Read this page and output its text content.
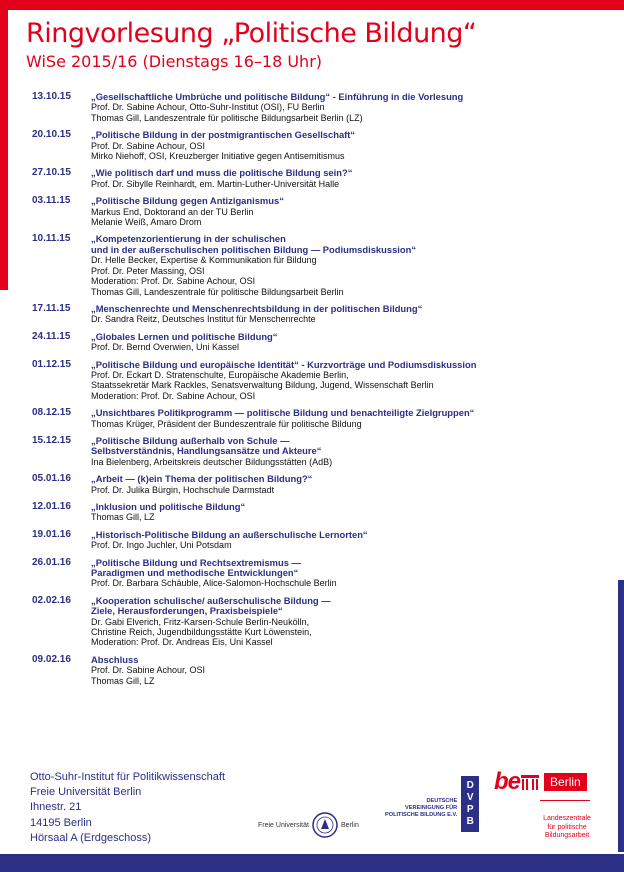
Ringvorlesung „Politische Bildung“
WiSe 2015/16 (Dienstags 16–18 Uhr)
13.10.15	„Gesellschaftliche Umbrüche und politische Bildung“ - Einführung in die Vorlesung
Prof. Dr. Sabine Achour, Otto-Suhr-Institut (OSI), FU Berlin
Thomas Gill, Landeszentrale für politische Bildungsarbeit Berlin (LZ)
20.10.15	„Politische Bildung in der postmigrantischen Gesellschaft“
Prof. Dr. Sabine Achour, OSI
Mirko Niehoff, OSI, Kreuzberger Initiative gegen Antisemitismus
27.10.15	„Wie politisch darf und muss die politische Bildung sein?“
Prof. Dr. Sibylle Reinhardt, em. Martin-Luther-Universität Halle
03.11.15	„Politische Bildung gegen Antiziganismus“
Markus End, Doktorand an der TU Berlin
Melanie Weiß, Amaro Drom
10.11.15	„Kompetenzorientierung in der schulischen
und in der außerschulischen politischen Bildung — Podiumsdiskussion“
Dr. Helle Becker, Expertise & Kommunikation für Bildung
Prof. Dr. Peter Massing, OSI
Moderation: Prof. Dr. Sabine Achour, OSI
Thomas Gill, Landeszentrale für politische Bildungsarbeit Berlin
17.11.15	„Menschenrechte und Menschenrechtsbildung in der politischen Bildung“
Dr. Sandra Reitz, Deutsches Institut für Menschenrechte
24.11.15	„Globales Lernen und politische Bildung“
Prof. Dr. Bernd Overwien, Uni Kassel
01.12.15	„Politische Bildung und europäische Identität“ - Kurzvorträge und Podiumsdiskussion
Prof. Dr. Eckart D. Stratenschulte, Europäische Akademie Berlin,
Staatssekretär Mark Rackles, Senatsverwaltung Bildung, Jugend, Wissenschaft Berlin
Moderation: Prof. Dr. Sabine Achour, OSI
08.12.15	„Unsichtbares Politikprogramm — politische Bildung und benachteiligte Zielgruppen“
Thomas Krüger, Präsident der Bundeszentrale für politische Bildung
15.12.15	„Politische Bildung außerhalb von Schule —
Selbstverständnis, Handlungsansätze und Akteure“
Ina Bielenberg, Arbeitskreis deutscher Bildungsstätten (AdB)
05.01.16	„Arbeit — (k)ein Thema der politischen Bildung?“
Prof. Dr. Julika Bürgin, Hochschule Darmstadt
12.01.16	„Inklusion und politische Bildung“
Thomas Gill, LZ
19.01.16	„Historisch-Politische Bildung an außerschulische Lernorten“
Prof. Dr. Ingo Juchler, Uni Potsdam
26.01.16	„Politische Bildung und Rechtsextremismus —
Paradigmen und methodische Entwicklungen“
Prof. Dr. Barbara Schäuble, Alice-Salomon-Hochschule Berlin
02.02.16	„Kooperation schulische/ außerschulische Bildung —
Ziele, Herausforderungen, Praxisbeispiele“
Dr. Gabi Elverich, Fritz-Karsen-Schule Berlin-Neukölln,
Christine Reich, Jugendbildungsstätte Kurt Löwenstein,
Moderation: Prof. Dr. Andreas Eis, Uni Kassel
09.02.16	Abschluss
Prof. Dr. Sabine Achour, OSI
Thomas Gill, LZ
Otto-Suhr-Institut für Politikwissenschaft
Freie Universität Berlin
Ihnestr. 21
14195 Berlin
Hörsaal A (Erdgeschoss)
Freie Universität	Berlin
DEUTSCHE
VEREINIGUNG FÜR
POLITISCHE BILDUNG E.V.
D
V
P
B
be	Berlin
Landeszentrale
für politische
Bildungsarbeit
